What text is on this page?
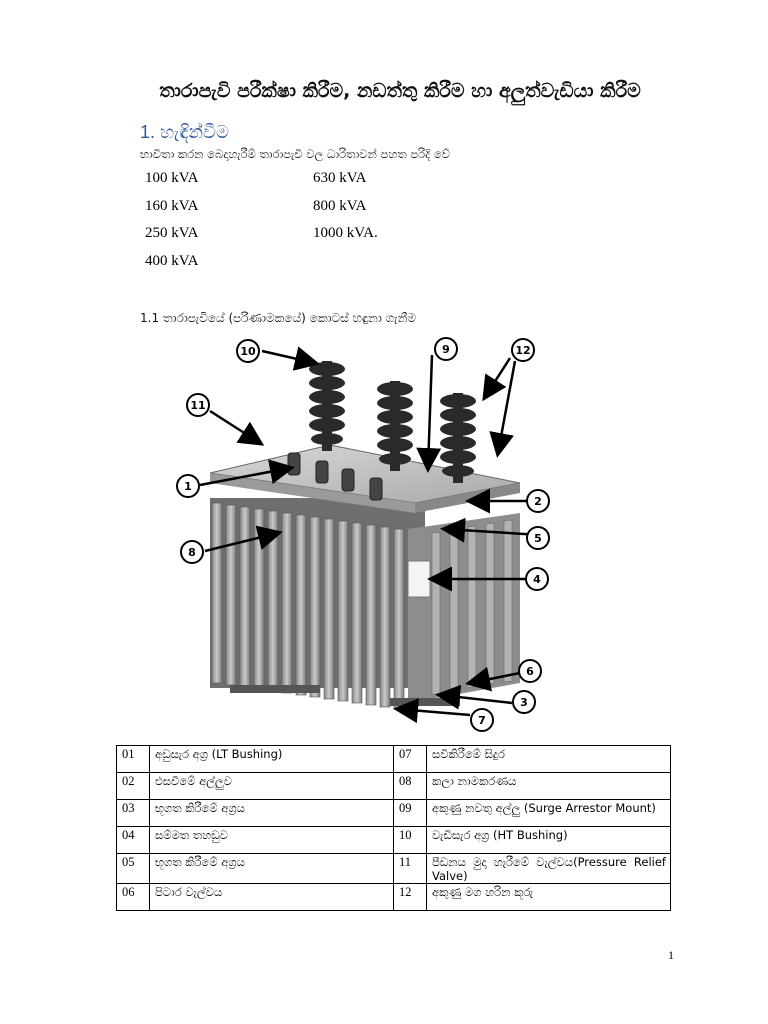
තාරාපැවි පරීක්ෂා කිරීම, නඩත්තු කිරීම හා අලුත්වැඩියා කිරීම
1. හැඳින්වීම
භාවිතා කරන බෙදාහැරීම් තාරාපැවි වල ධාරිතාවන් පහත පරිදි වේ
100 kVA	630 kVA
160 kVA	800 kVA
250 kVA	1000 kVA.
400 kVA
1.1 තාරාපැවියේ (පරිණාමකයේ) කොටස් හඳුනා ගැනීම
10	9	12
11
1
2
5
8
4
6
3
7
01	අඩුසැර අග්‍ර (LT Bushing)	07	සවිකිරීමේ සිදුර
02	එසවීමේ අල්ලුව	08	කලා නාමකරණය
03	භූගත කිරීමේ අග්‍රය	09	අකුණු නවතු අල්ලු (Surge Arrestor Mount)
04	සම්මත තහඩුව	10	වැඩිසැර අග්‍ර (HT Bushing)
05	භූගත කිරීමේ අග්‍රය	11	පීඩනය මුදා හැරීමේ වැල්වය(Pressure Relief Valve)
06	පිටාර වැල්වය	12	අකුණු මග හරින කූරු
1
